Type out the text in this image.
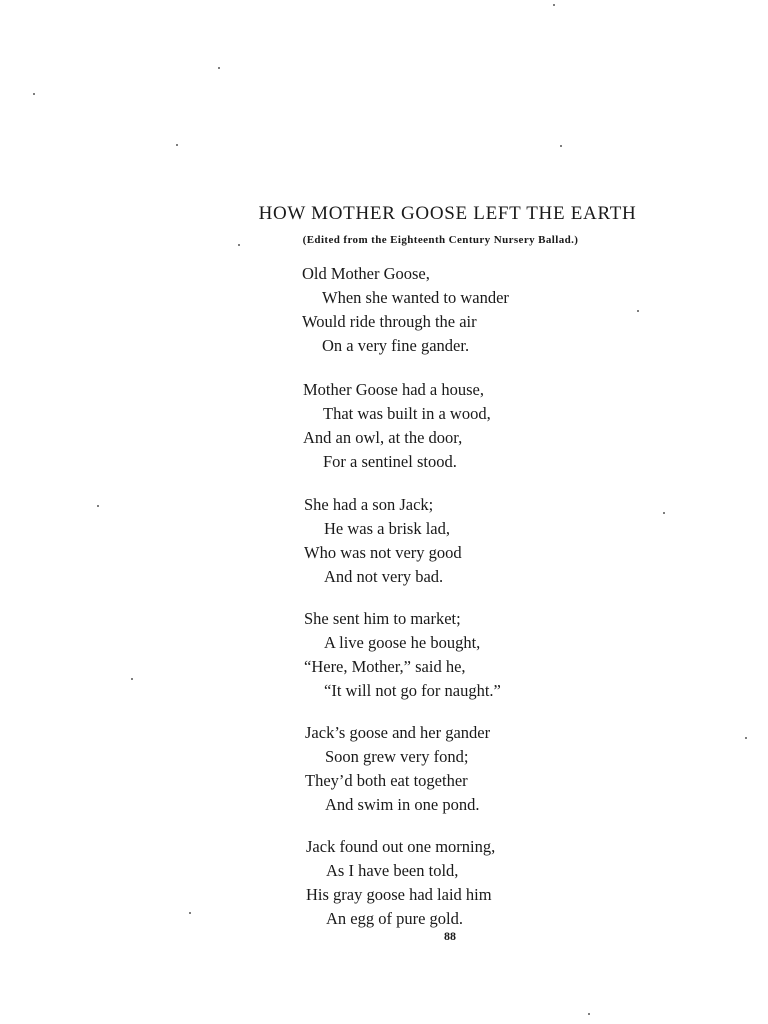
HOW MOTHER GOOSE LEFT THE EARTH
(Edited from the Eighteenth Century Nursery Ballad.)
Old Mother Goose,
When she wanted to wander
Would ride through the air
On a very fine gander.
Mother Goose had a house,
That was built in a wood,
And an owl, at the door,
For a sentinel stood.
She had a son Jack;
He was a brisk lad,
Who was not very good
And not very bad.
She sent him to market;
A live goose he bought,
“Here, Mother,” said he,
“It will not go for naught.”
Jack’s goose and her gander
Soon grew very fond;
They’d both eat together
And swim in one pond.
Jack found out one morning,
As I have been told,
His gray goose had laid him
An egg of pure gold.
88
